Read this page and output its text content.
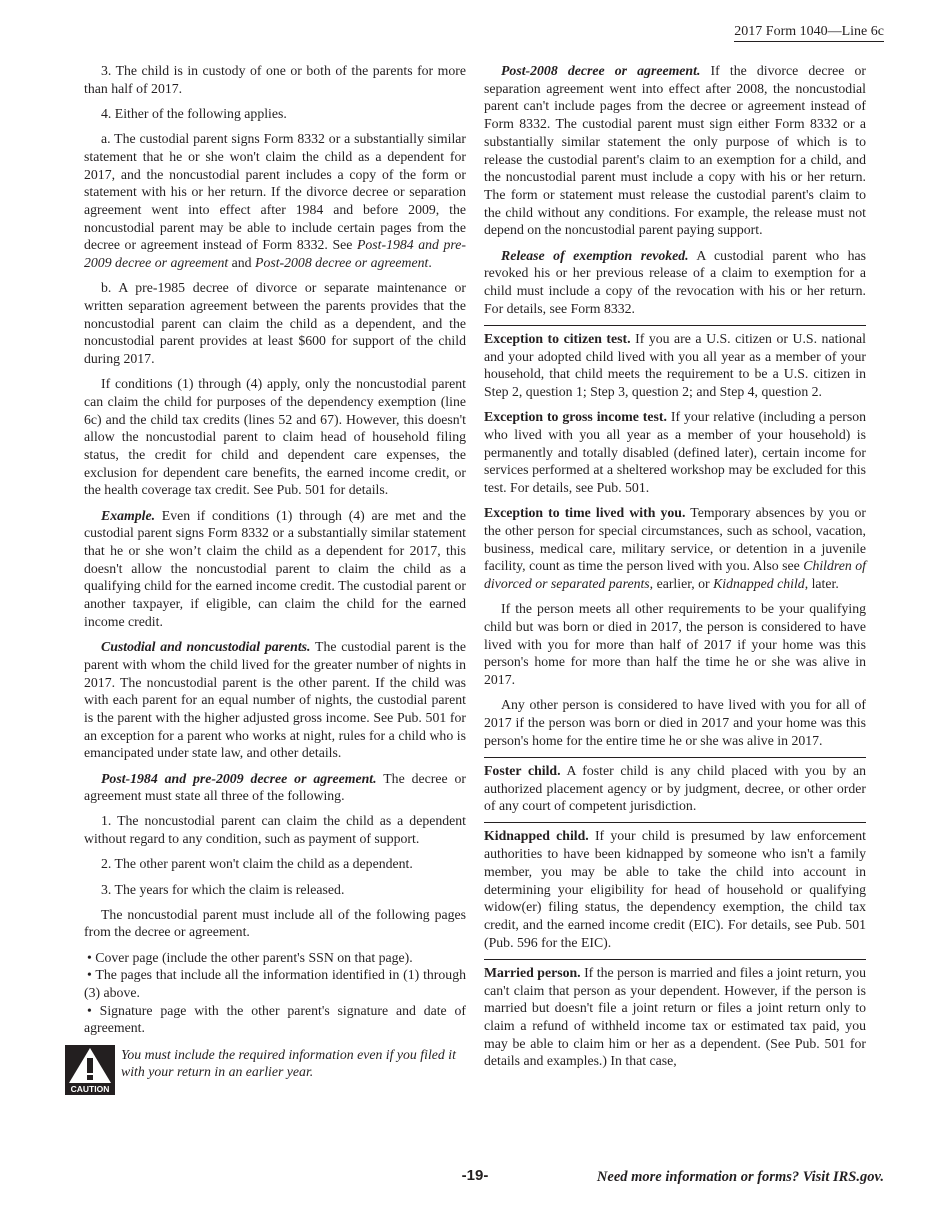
2017 Form 1040—Line 6c

3. The child is in custody of one or both of the parents for more than half of 2017.

4. Either of the following applies.

a. The custodial parent signs Form 8332 or a substantially similar statement that he or she won't claim the child as a dependent for 2017, and the noncustodial parent includes a copy of the form or statement with his or her return. If the divorce decree or separation agreement went into effect after 1984 and before 2009, the noncustodial parent may be able to include certain pages from the decree or agreement instead of Form 8332. See Post-1984 and pre-2009 decree or agreement and Post-2008 decree or agreement.

b. A pre-1985 decree of divorce or separate maintenance or written separation agreement between the parents provides that the noncustodial parent can claim the child as a dependent, and the noncustodial parent provides at least $600 for support of the child during 2017.

If conditions (1) through (4) apply, only the noncustodial parent can claim the child for purposes of the dependency exemption (line 6c) and the child tax credits (lines 52 and 67). However, this doesn't allow the noncustodial parent to claim head of household filing status, the credit for child and dependent care expenses, the exclusion for dependent care benefits, the earned income credit, or the health coverage tax credit. See Pub. 501 for details.

Example. Even if conditions (1) through (4) are met and the custodial parent signs Form 8332 or a substantially similar statement that he or she won’t claim the child as a dependent for 2017, this doesn't allow the noncustodial parent to claim the child as a qualifying child for the earned income credit. The custodial parent or another taxpayer, if eligible, can claim the child for the earned income credit.

Custodial and noncustodial parents. The custodial parent is the parent with whom the child lived for the greater number of nights in 2017. The noncustodial parent is the other parent. If the child was with each parent for an equal number of nights, the custodial parent is the parent with the higher adjusted gross income. See Pub. 501 for an exception for a parent who works at night, rules for a child who is emancipated under state law, and other details.

Post-1984 and pre-2009 decree or agreement. The decree or agreement must state all three of the following.

1. The noncustodial parent can claim the child as a dependent without regard to any condition, such as payment of support.

2. The other parent won't claim the child as a dependent.

3. The years for which the claim is released.

The noncustodial parent must include all of the following pages from the decree or agreement.

• Cover page (include the other parent's SSN on that page).

• The pages that include all the information identified in (1) through (3) above.

• Signature page with the other parent's signature and date of agreement.

CAUTION
You must include the required information even if you filed it with your return in an earlier year.

Post-2008 decree or agreement. If the divorce decree or separation agreement went into effect after 2008, the noncustodial parent can't include pages from the decree or agreement instead of Form 8332. The custodial parent must sign either Form 8332 or a substantially similar statement the only purpose of which is to release the custodial parent's claim to an exemption for a child, and the noncustodial parent must include a copy with his or her return. The form or statement must release the custodial parent's claim to the child without any conditions. For example, the release must not depend on the noncustodial parent paying support.

Release of exemption revoked. A custodial parent who has revoked his or her previous release of a claim to exemption for a child must include a copy of the revocation with his or her return. For details, see Form 8332.

Exception to citizen test. If you are a U.S. citizen or U.S. national and your adopted child lived with you all year as a member of your household, that child meets the requirement to be a U.S. citizen in Step 2, question 1; Step 3, question 2; and Step 4, question 2.

Exception to gross income test. If your relative (including a person who lived with you all year as a member of your household) is permanently and totally disabled (defined later), certain income for services performed at a sheltered workshop may be excluded for this test. For details, see Pub. 501.

Exception to time lived with you. Temporary absences by you or the other person for special circumstances, such as school, vacation, business, medical care, military service, or detention in a juvenile facility, count as time the person lived with you. Also see Children of divorced or separated parents, earlier, or Kidnapped child, later.

If the person meets all other requirements to be your qualifying child but was born or died in 2017, the person is considered to have lived with you for more than half of 2017 if your home was this person's home for more than half the time he or she was alive in 2017.

Any other person is considered to have lived with you for all of 2017 if the person was born or died in 2017 and your home was this person's home for the entire time he or she was alive in 2017.

Foster child. A foster child is any child placed with you by an authorized placement agency or by judgment, decree, or other order of any court of competent jurisdiction.

Kidnapped child. If your child is presumed by law enforcement authorities to have been kidnapped by someone who isn't a family member, you may be able to take the child into account in determining your eligibility for head of household or qualifying widow(er) filing status, the dependency exemption, the child tax credit, and the earned income credit (EIC). For details, see Pub. 501 (Pub. 596 for the EIC).

Married person. If the person is married and files a joint return, you can't claim that person as your dependent. However, if the person is married but doesn't file a joint return or files a joint return only to claim a refund of withheld income tax or estimated tax paid, you may be able to claim him or her as a dependent. (See Pub. 501 for details and examples.) In that case,

-19-	Need more information or forms? Visit IRS.gov.
